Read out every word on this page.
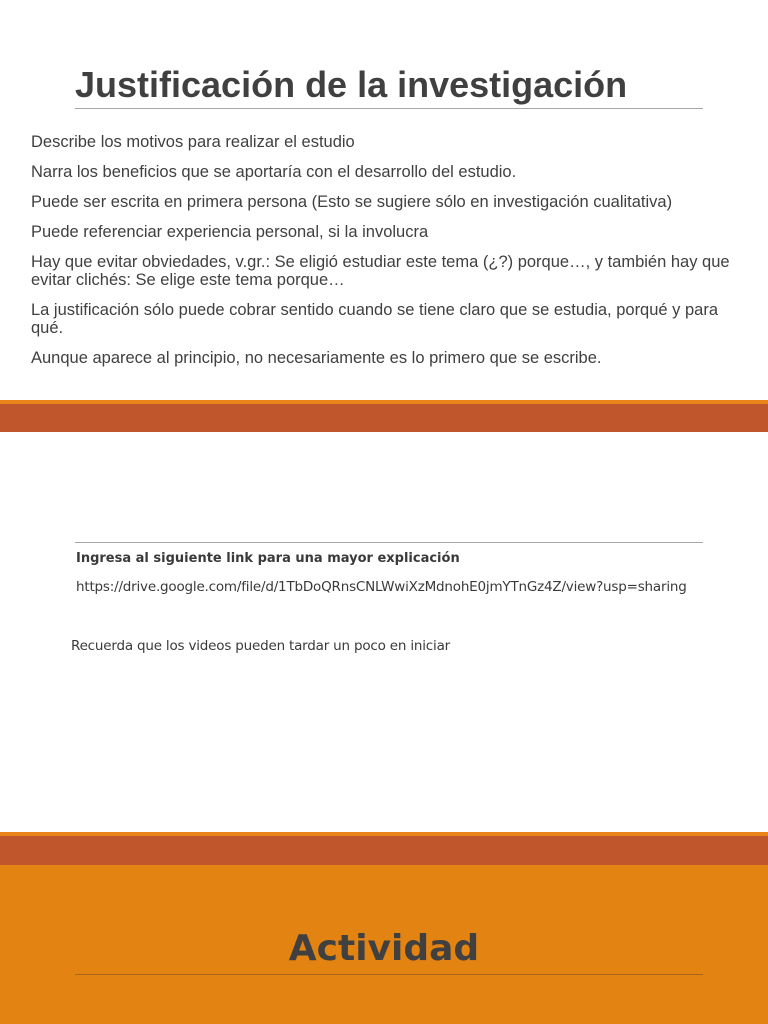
Justificación de la investigación
Describe los motivos para realizar el estudio
Narra los beneficios que se aportaría con el desarrollo del estudio.
Puede ser escrita en primera persona (Esto se sugiere sólo en investigación cualitativa)
Puede referenciar experiencia personal, si la involucra
Hay que evitar obviedades, v.gr.: Se eligió estudiar este tema (¿?) porque…, y también hay que evitar clichés: Se elige este tema porque…
La justificación sólo puede cobrar sentido cuando se tiene claro que se estudia, porqué y para qué.
Aunque aparece al principio, no necesariamente es lo primero que se escribe.

Ingresa al siguiente link para una mayor explicación

https://drive.google.com/file/d/1TbDoQRnsCNLWwiXzMdnohE0jmYTnGz4Z/view?usp=sharing

Recuerda que los videos pueden tardar un poco en iniciar

Actividad
